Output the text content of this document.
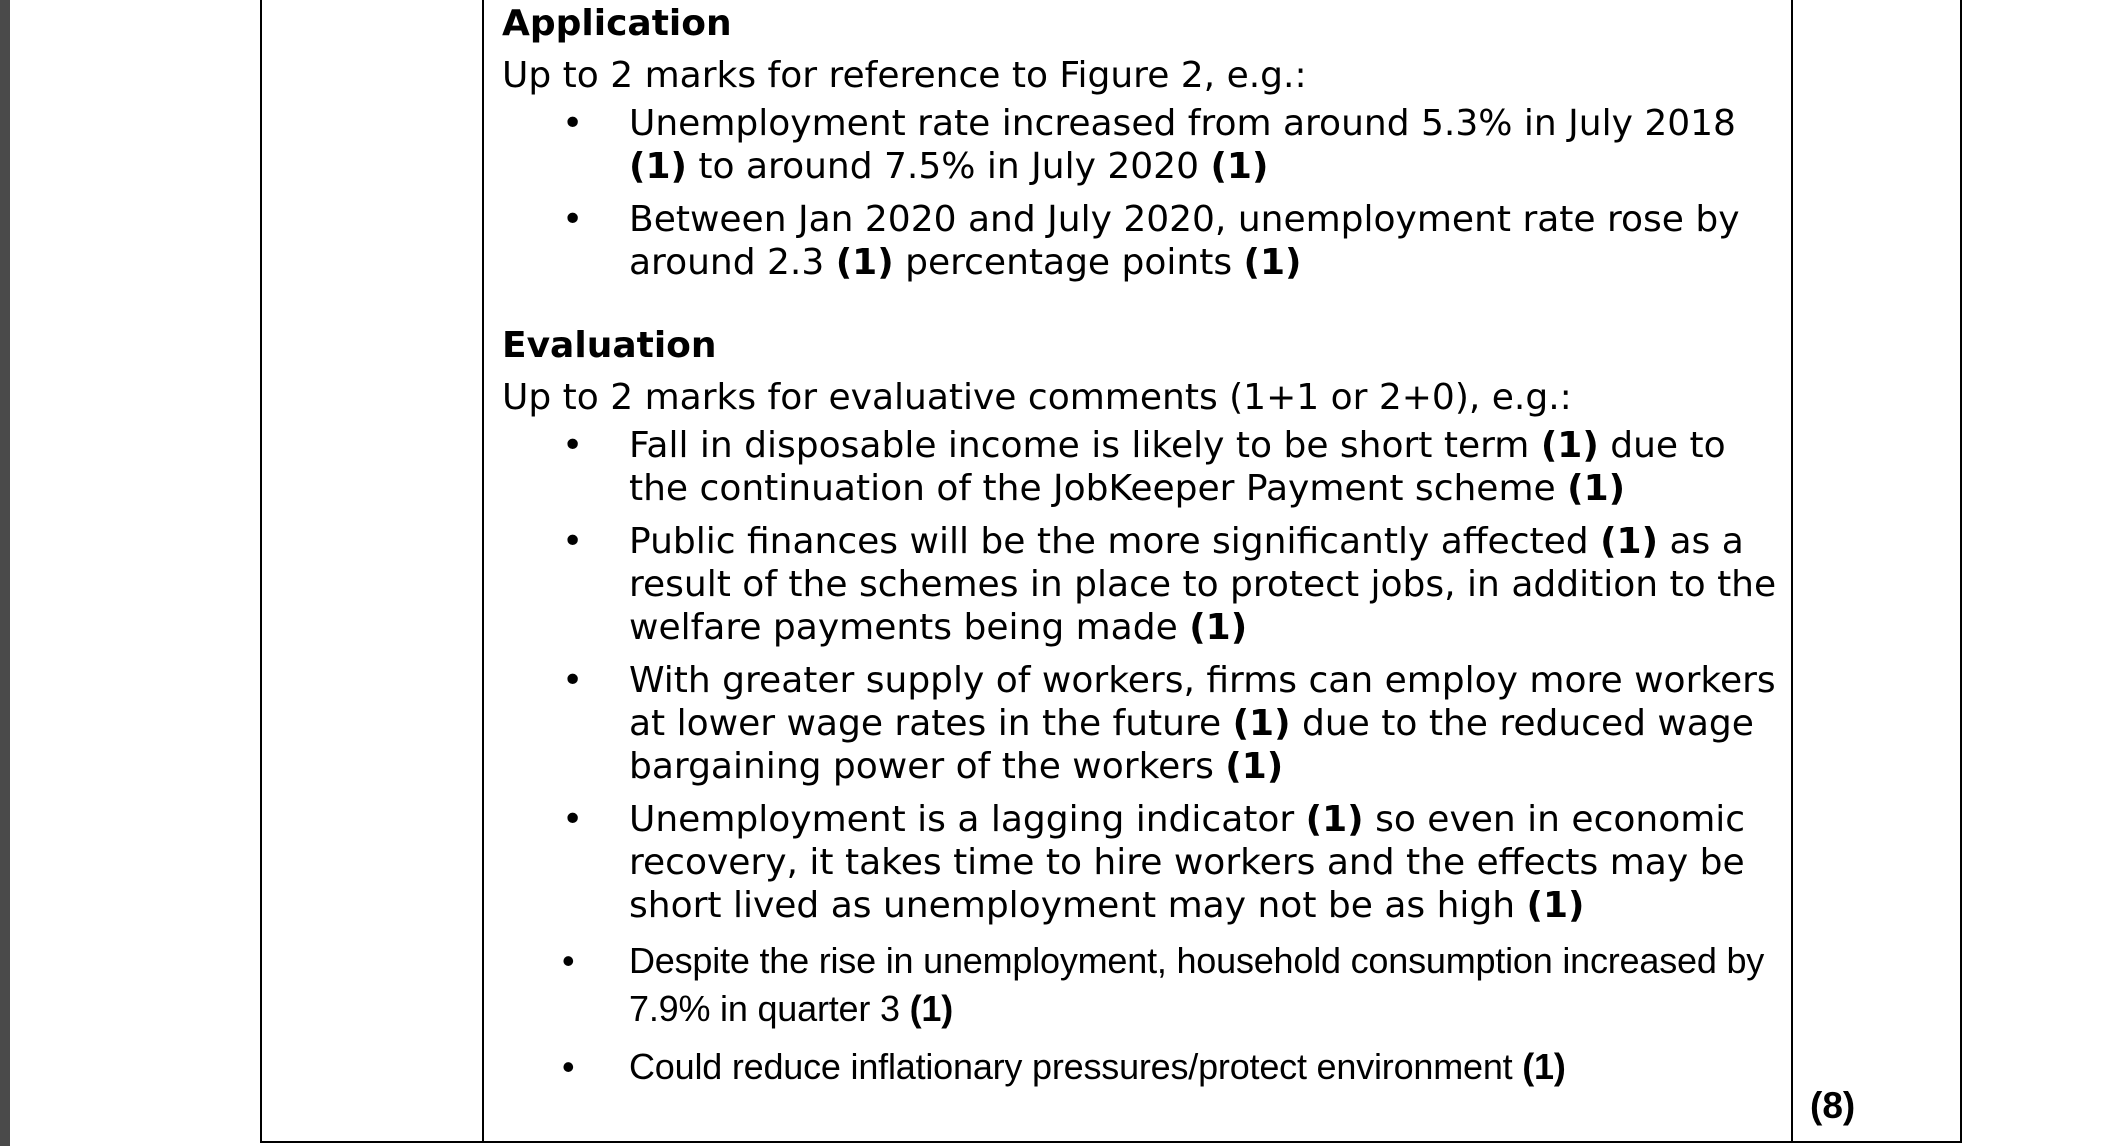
Application

Up to 2 marks for reference to Figure 2, e.g.:

• Unemployment rate increased from around 5.3% in July 2018 (1) to around 7.5% in July 2020 (1)
• Between Jan 2020 and July 2020, unemployment rate rose by around 2.3 (1) percentage points (1)

Evaluation

Up to 2 marks for evaluative comments (1+1 or 2+0), e.g.:

• Fall in disposable income is likely to be short term (1) due to the continuation of the JobKeeper Payment scheme (1)
• Public finances will be the more significantly affected (1) as a result of the schemes in place to protect jobs, in addition to the welfare payments being made (1)
• With greater supply of workers, firms can employ more workers at lower wage rates in the future (1) due to the reduced wage bargaining power of the workers (1)
• Unemployment is a lagging indicator (1) so even in economic recovery, it takes time to hire workers and the effects may be short lived as unemployment may not be as high (1)
• Despite the rise in unemployment, household consumption increased by 7.9% in quarter 3 (1)
• Could reduce inflationary pressures/protect environment (1)
(8)
